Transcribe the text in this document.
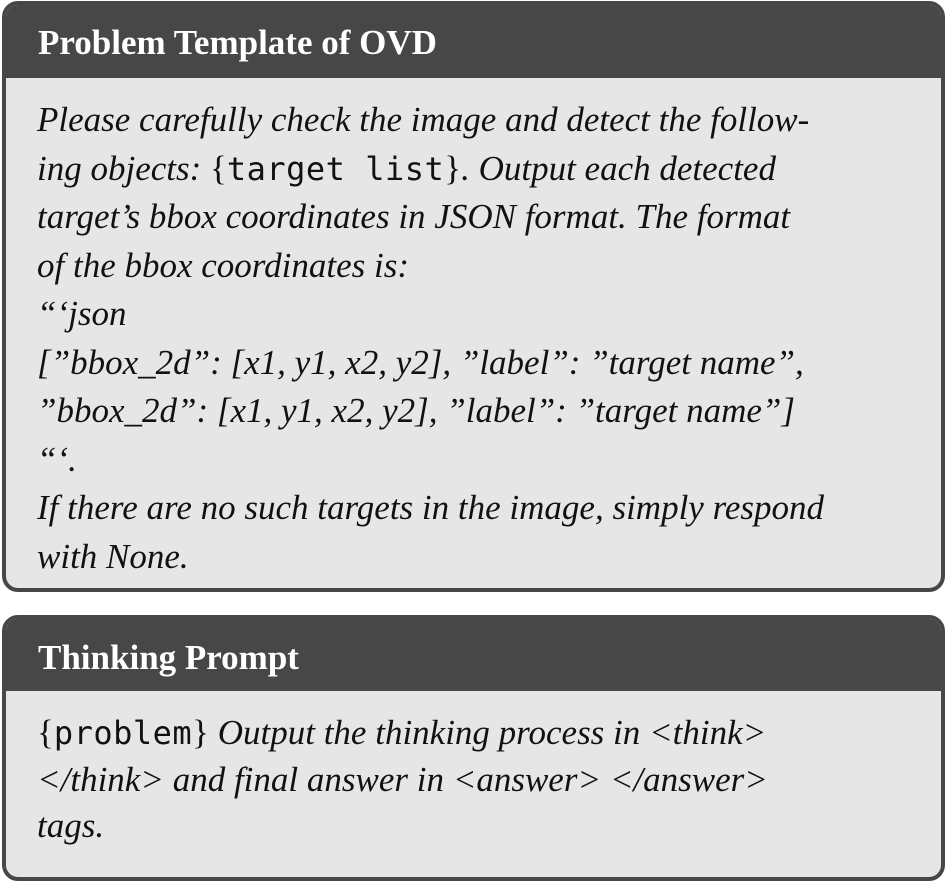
Problem Template of OVD
Please carefully check the image and detect the follow-
ing objects: {target list}. Output each detected
target’s bbox coordinates in JSON format. The format
of the bbox coordinates is:
“‘json
[”bbox_2d”: [x1, y1, x2, y2], ”label”: ”target name”,
”bbox_2d”: [x1, y1, x2, y2], ”label”: ”target name”]
“‘.
If there are no such targets in the image, simply respond
with None.
Thinking Prompt
{problem} Output the thinking process in <think>
</think> and final answer in <answer> </answer>
tags.
